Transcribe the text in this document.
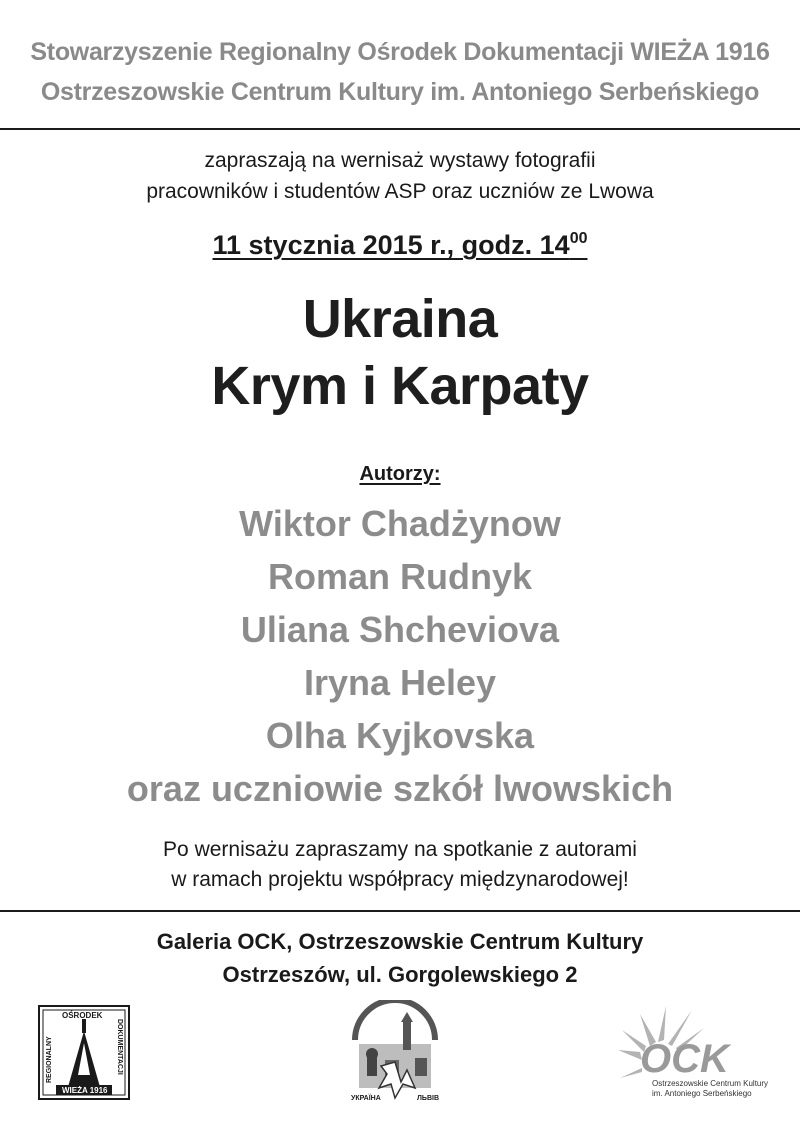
Stowarzyszenie Regionalny Ośrodek Dokumentacji WIEŻA 1916
Ostrzeszowskie Centrum Kultury im. Antoniego Serbeńskiego
zapraszają na wernisaż wystawy fotografii
pracowników i studentów ASP oraz uczniów ze Lwowa
11 stycznia 2015 r., godz. $14^{00}$
Ukraina
Krym i Karpaty
Autorzy:
Wiktor Chadżynow
Roman Rudnyk
Uliana Shcheviova
Iryna Heley
Olha Kyjkovska
oraz uczniowie szkół lwowskich
Po wernisażu zapraszamy na spotkanie z autorami
w ramach projektu współpracy międzynarodowej!
Galeria OCK, Ostrzeszowskie Centrum Kultury
Ostrzeszów, ul. Gorgolewskiego 2
OŚRODEK
REGIONALNY	DOKUMENTACJI
WIEŻA 1916
УКРАЇНА	ЛЬВІВ
OCK
Ostrzeszowskie Centrum Kultury
im. Antoniego Serbeńskiego
